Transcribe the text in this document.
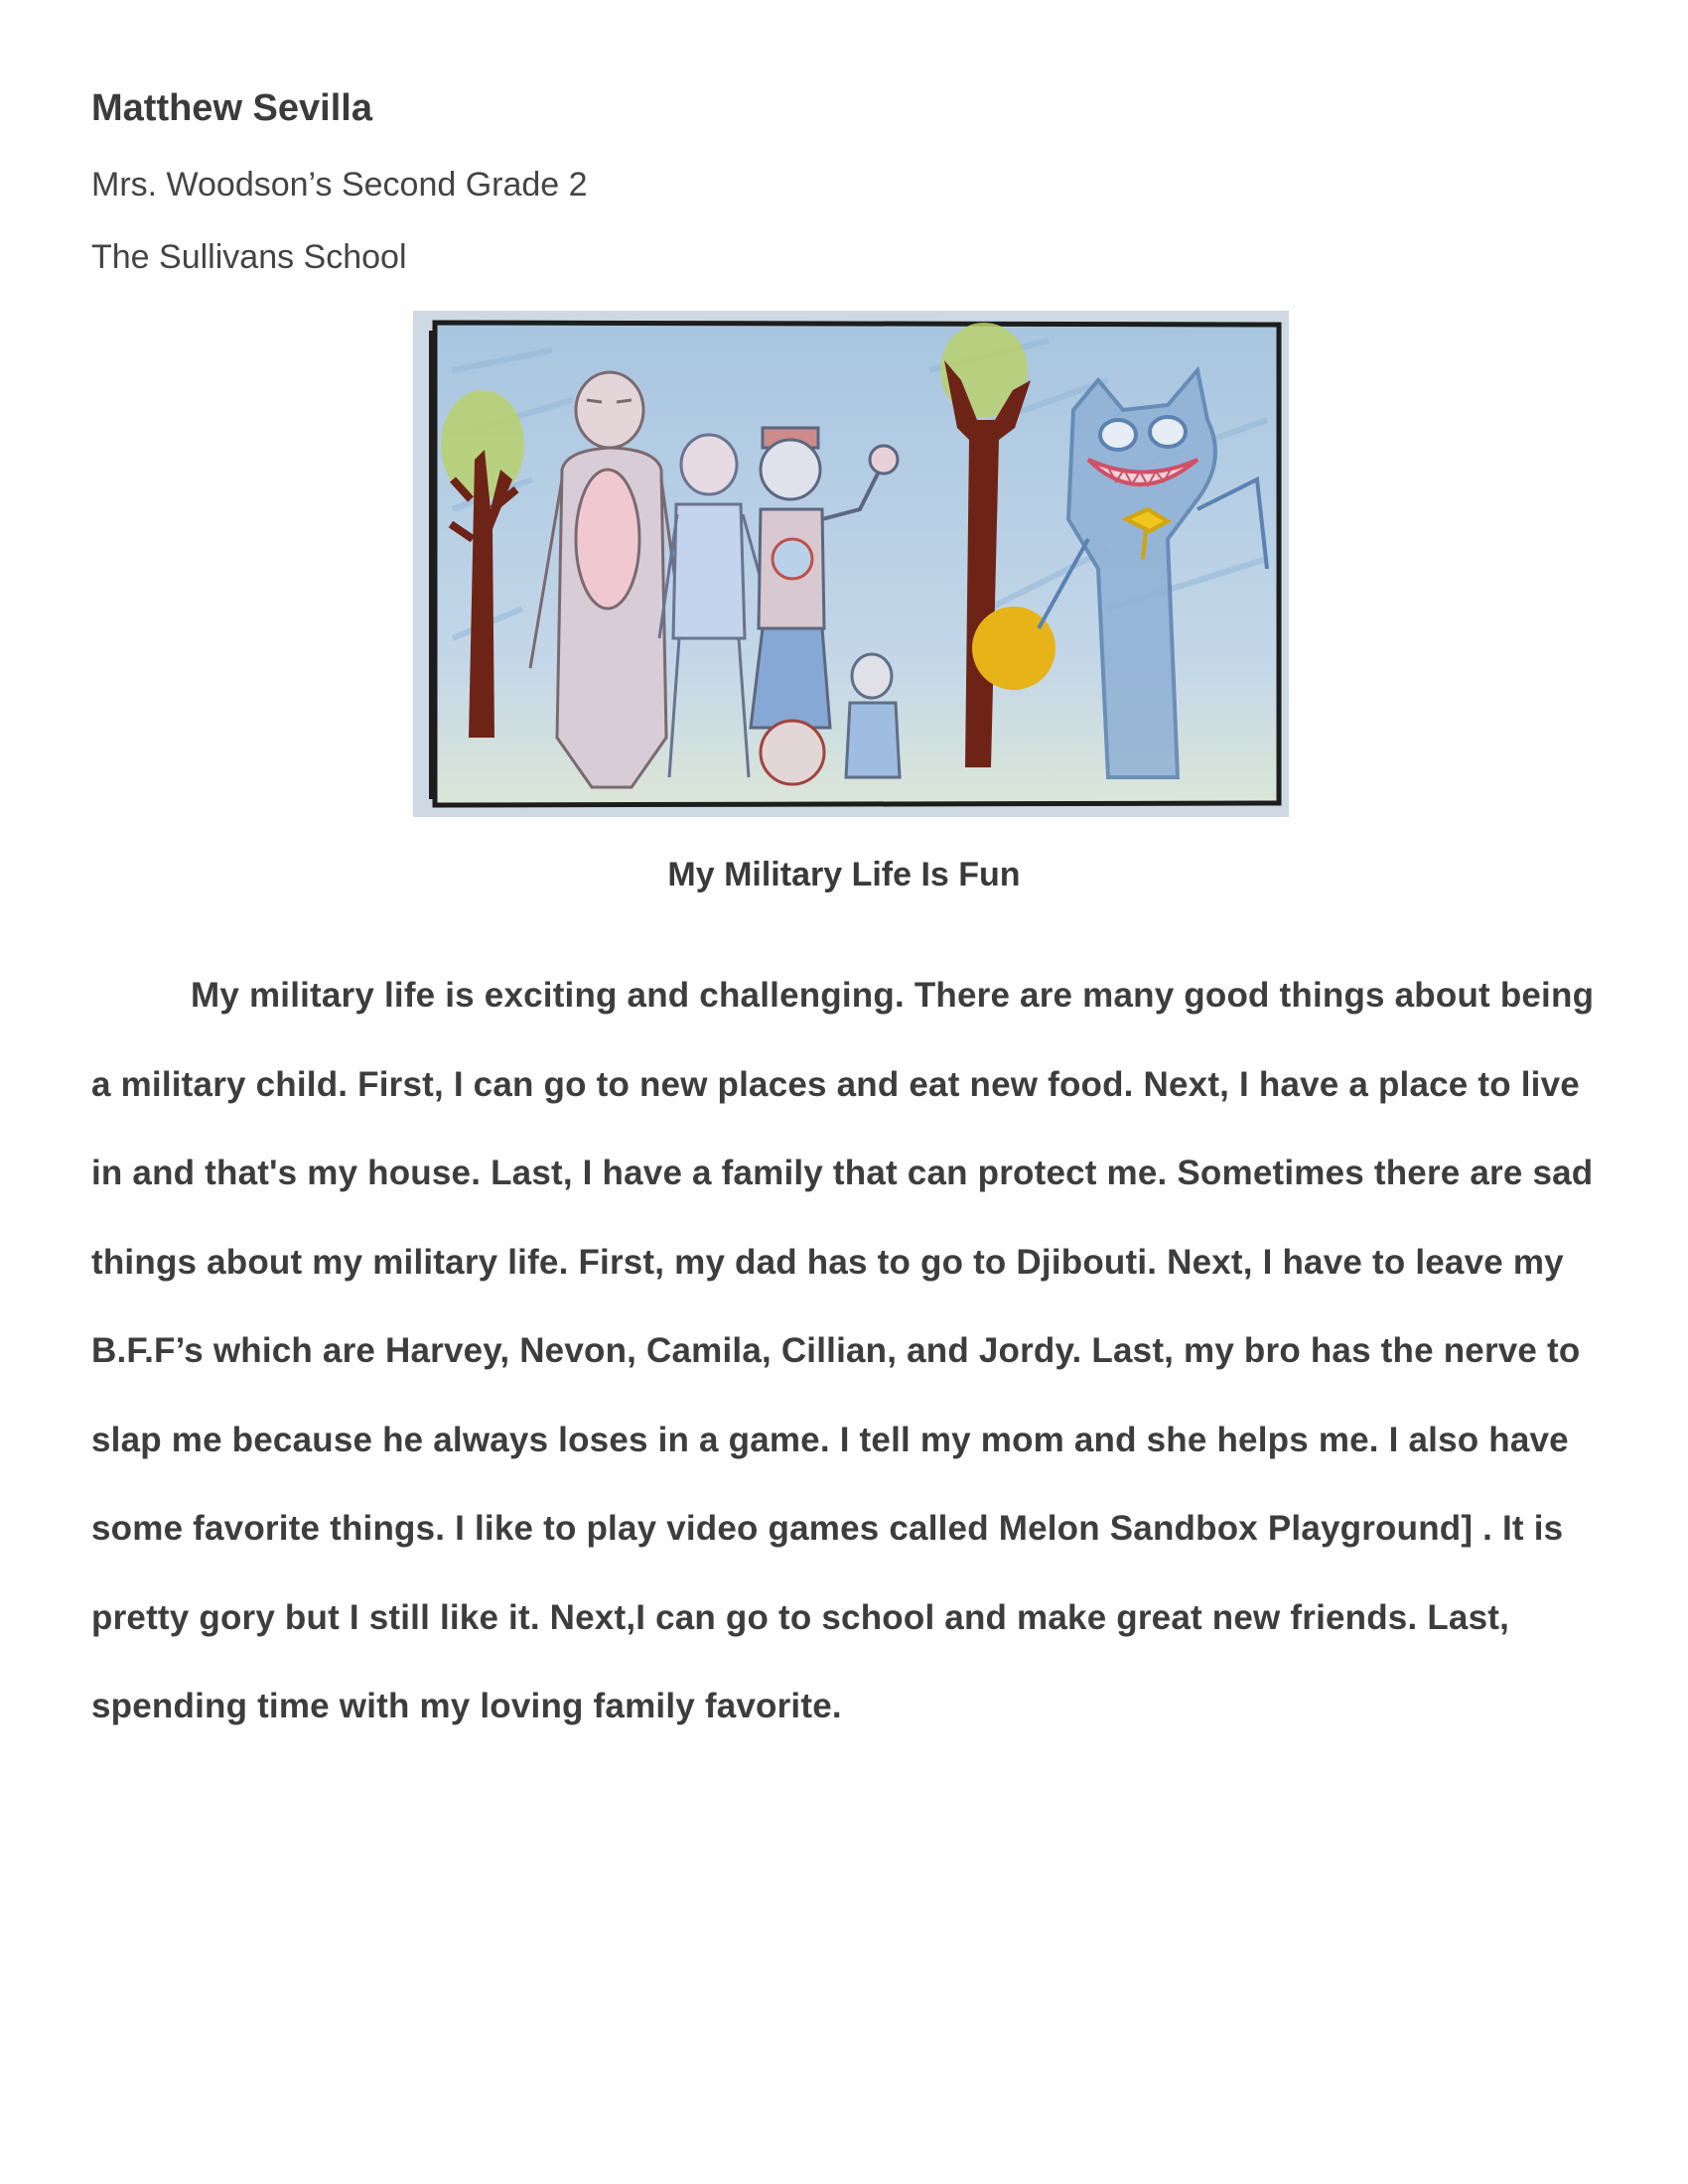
Matthew Sevilla

Mrs. Woodson’s Second Grade 2

The Sullivans School

My Military Life Is Fun

My military life is exciting and challenging. There are many good things about being a military child. First, I can go to new places and eat new food. Next, I have a place to live in and that's my house. Last, I have a family that can protect me. Sometimes there are sad things about my military life. First, my dad has to go to Djibouti. Next, I have to leave my B.F.F’s which are Harvey, Nevon, Camila, Cillian, and Jordy. Last, my bro has the nerve to slap me because he always loses in a game. I tell my mom and she helps me. I also have some favorite things. I like to play video games called Melon Sandbox Playground] . It is pretty gory but I still like it. Next,I can go to school and make great new friends. Last, spending time with my loving family favorite.
